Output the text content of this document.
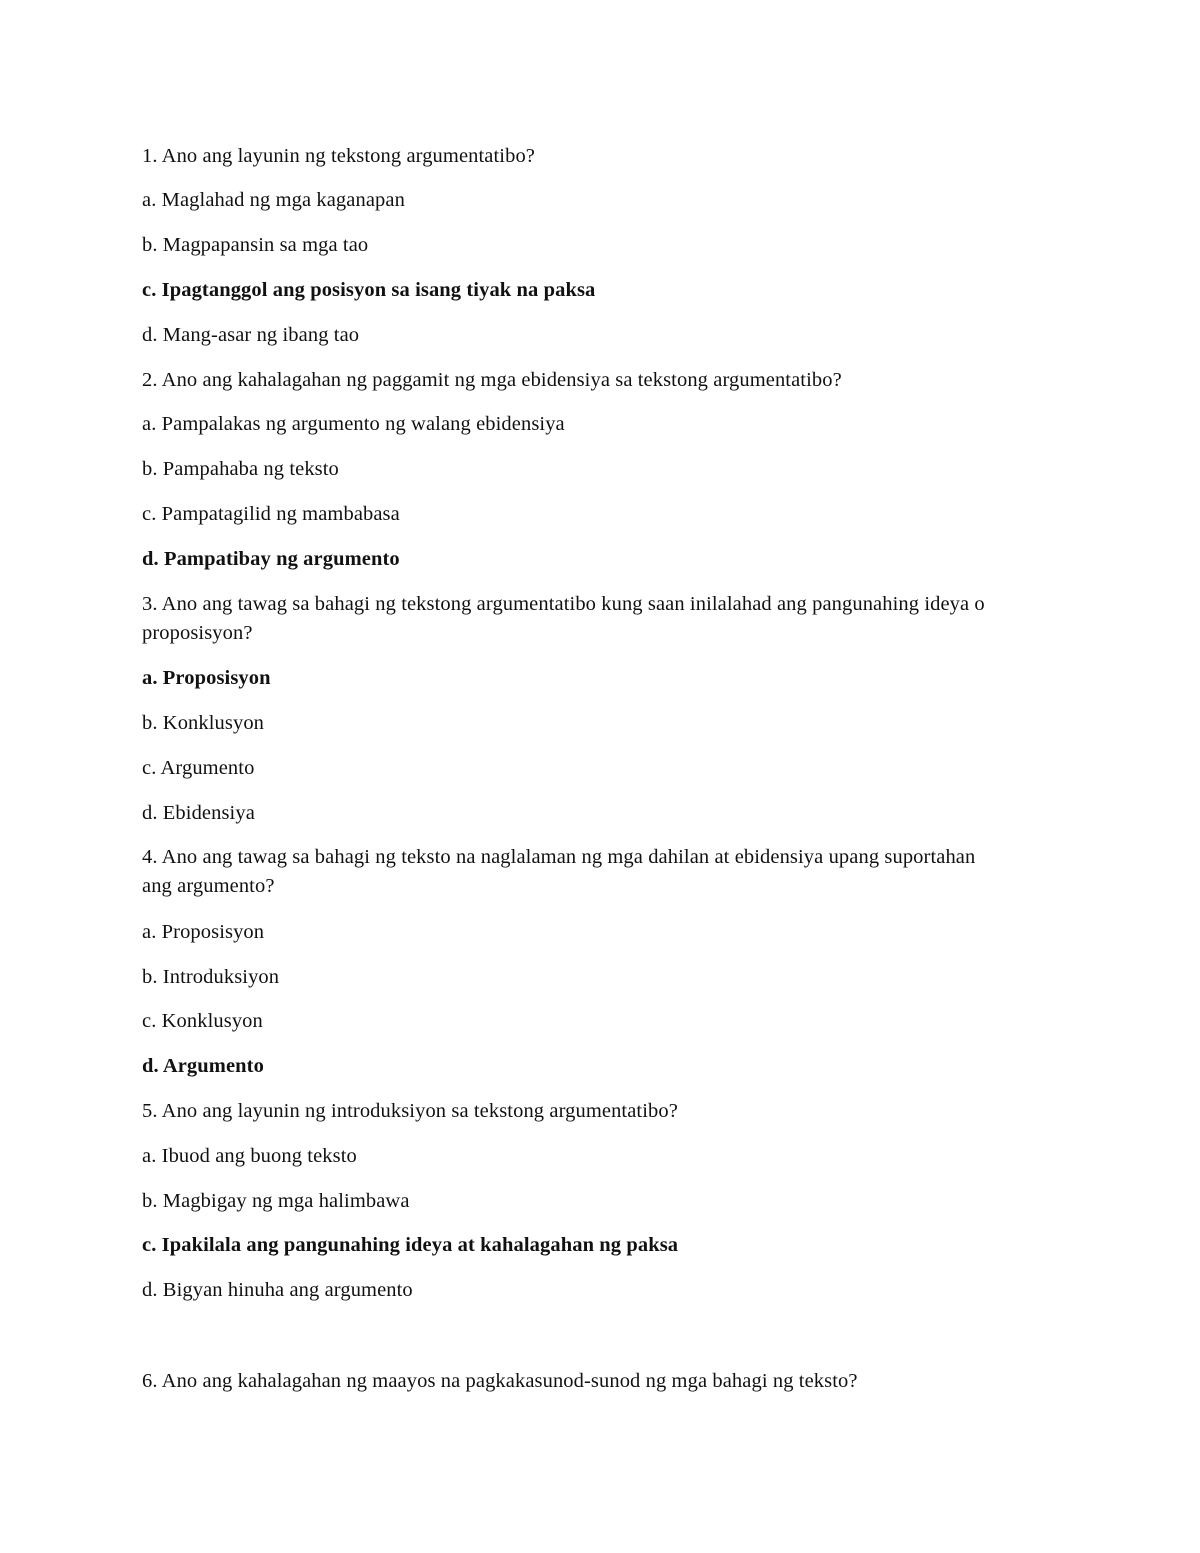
1. Ano ang layunin ng tekstong argumentatibo?
a. Maglahad ng mga kaganapan
b. Magpapansin sa mga tao
c. Ipagtanggol ang posisyon sa isang tiyak na paksa
d. Mang-asar ng ibang tao
2. Ano ang kahalagahan ng paggamit ng mga ebidensiya sa tekstong argumentatibo?
a. Pampalakas ng argumento ng walang ebidensiya
b. Pampahaba ng teksto
c. Pampatagilid ng mambabasa
d. Pampatibay ng argumento
3. Ano ang tawag sa bahagi ng tekstong argumentatibo kung saan inilalahad ang pangunahing ideya o proposisyon?
a. Proposisyon
b. Konklusyon
c. Argumento
d. Ebidensiya
4. Ano ang tawag sa bahagi ng teksto na naglalaman ng mga dahilan at ebidensiya upang suportahan ang argumento?
a. Proposisyon
b. Introduksiyon
c. Konklusyon
d. Argumento
5. Ano ang layunin ng introduksiyon sa tekstong argumentatibo?
a. Ibuod ang buong teksto
b. Magbigay ng mga halimbawa
c. Ipakilala ang pangunahing ideya at kahalagahan ng paksa
d. Bigyan hinuha ang argumento
6. Ano ang kahalagahan ng maayos na pagkakasunod-sunod ng mga bahagi ng teksto?
